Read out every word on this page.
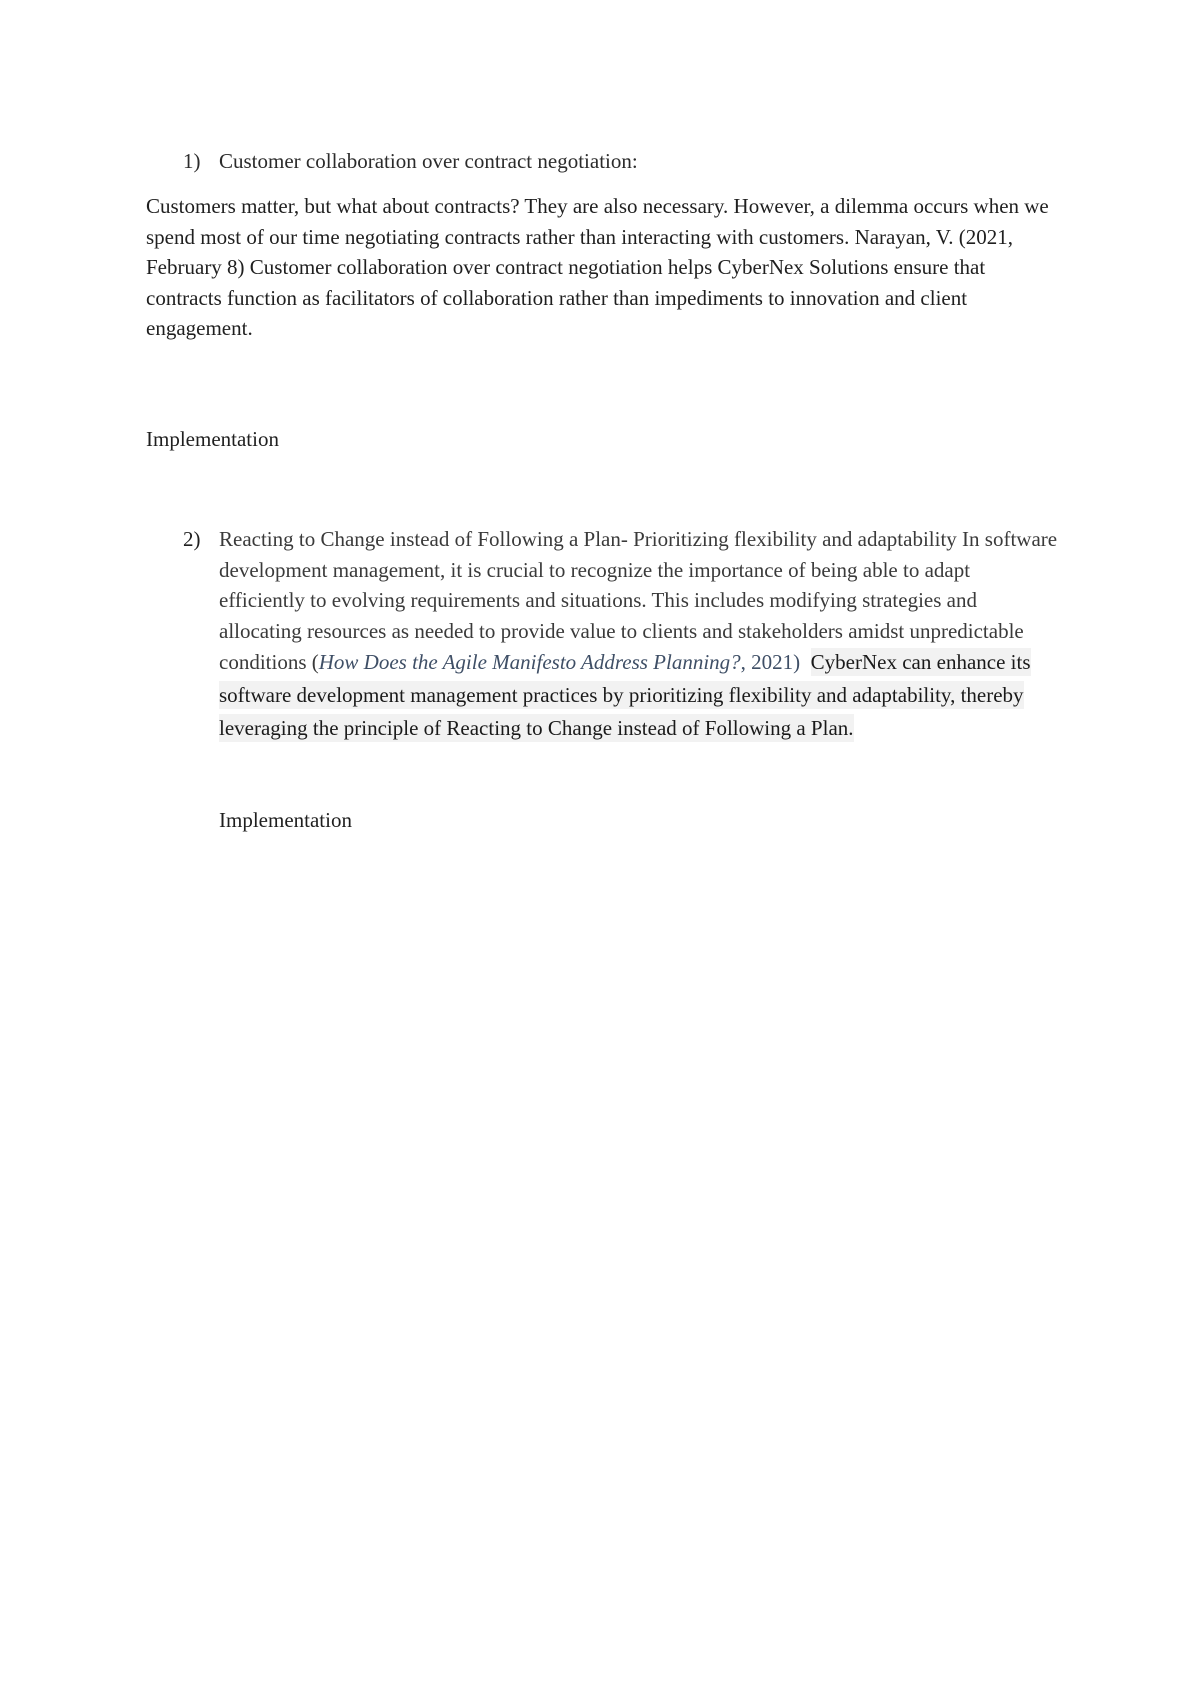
1) Customer collaboration over contract negotiation:

Customers matter, but what about contracts? They are also necessary. However, a dilemma occurs when we spend most of our time negotiating contracts rather than interacting with customers. Narayan, V. (2021, February 8) Customer collaboration over contract negotiation helps CyberNex Solutions ensure that contracts function as facilitators of collaboration rather than impediments to innovation and client engagement.

Implementation
2) Reacting to Change instead of Following a Plan- Prioritizing flexibility and adaptability In software development management, it is crucial to recognize the importance of being able to adapt efficiently to evolving requirements and situations. This includes modifying strategies and allocating resources as needed to provide value to clients and stakeholders amidst unpredictable conditions (How Does the Agile Manifesto Address Planning?, 2021) CyberNex can enhance its software development management practices by prioritizing flexibility and adaptability, thereby leveraging the principle of Reacting to Change instead of Following a Plan.

Implementation
